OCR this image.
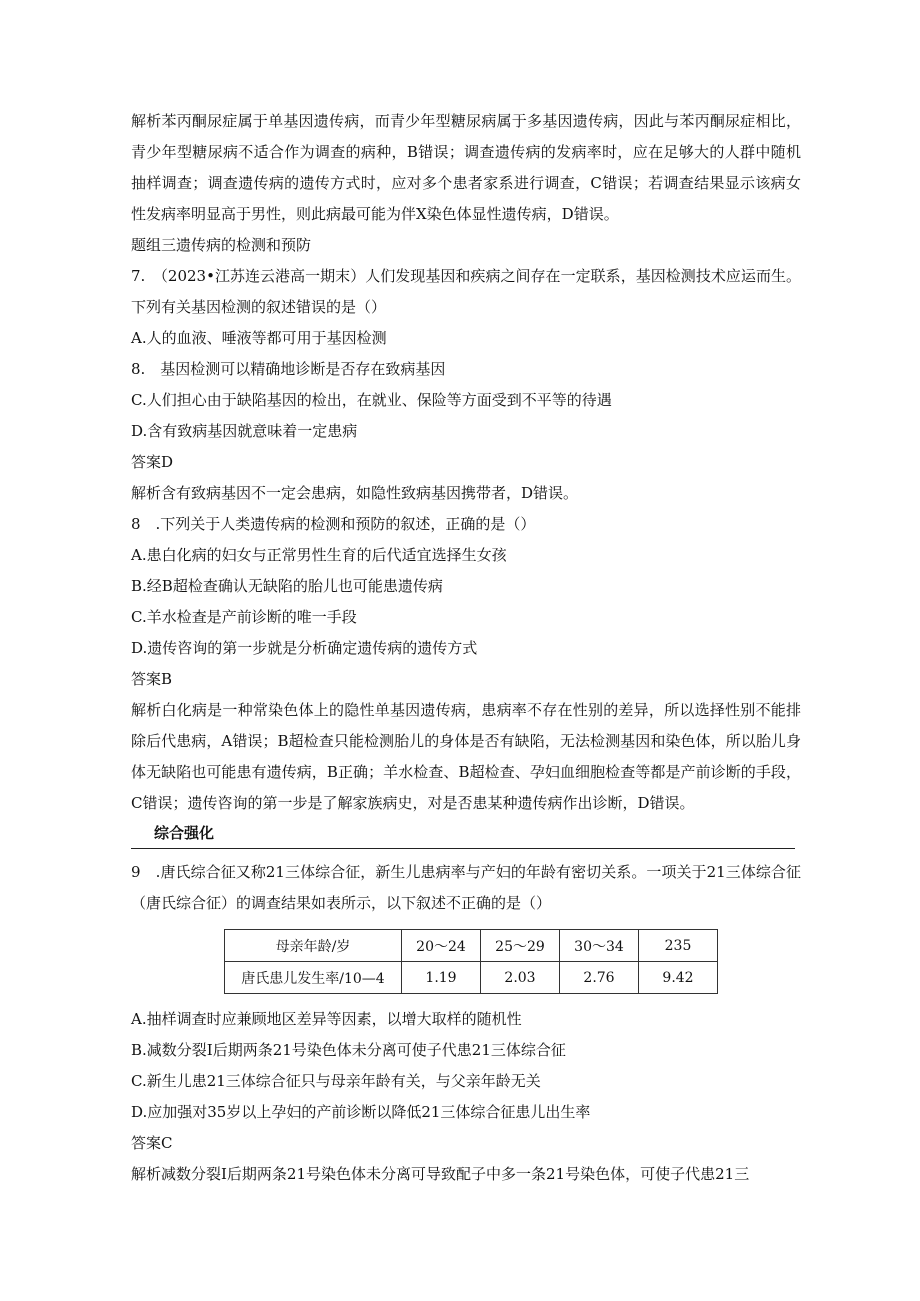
解析苯丙酮尿症属于单基因遗传病，而青少年型糖尿病属于多基因遗传病，因此与苯丙酮尿症相比，青少年型糖尿病不适合作为调查的病种，B错误；调查遗传病的发病率时，应在足够大的人群中随机抽样调查；调查遗传病的遗传方式时，应对多个患者家系进行调查，C错误；若调查结果显示该病女性发病率明显高于男性，则此病最可能为伴X染色体显性遗传病，D错误。

题组三遗传病的检测和预防

7.　（2023•江苏连云港高一期末）人们发现基因和疾病之间存在一定联系，基因检测技术应运而生。下列有关基因检测的叙述错误的是（）

A.人的血液、唾液等都可用于基因检测

8.　基因检测可以精确地诊断是否存在致病基因

C.人们担心由于缺陷基因的检出，在就业、保险等方面受到不平等的待遇

D.含有致病基因就意味着一定患病

答案D

解析含有致病基因不一定会患病，如隐性致病基因携带者，D错误。

8　.下列关于人类遗传病的检测和预防的叙述，正确的是（）

A.患白化病的妇女与正常男性生育的后代适宜选择生女孩

B.经B超检查确认无缺陷的胎儿也可能患遗传病

C.羊水检查是产前诊断的唯一手段

D.遗传咨询的第一步就是分析确定遗传病的遗传方式

答案B

解析白化病是一种常染色体上的隐性单基因遗传病，患病率不存在性别的差异，所以选择性别不能排除后代患病，A错误；B超检查只能检测胎儿的身体是否有缺陷，无法检测基因和染色体，所以胎儿身体无缺陷也可能患有遗传病，B正确；羊水检查、B超检查、孕妇血细胞检查等都是产前诊断的手段，C错误；遗传咨询的第一步是了解家族病史，对是否患某种遗传病作出诊断，D错误。

综合强化

9　.唐氏综合征又称21三体综合征，新生儿患病率与产妇的年龄有密切关系。一项关于21三体综合征（唐氏综合征）的调查结果如表所示，以下叙述不正确的是（）

母亲年龄/岁	20～24	25～29	30～34	235
唐氏患儿发生率/10—4	1.19	2.03	2.76	9.42

A.抽样调查时应兼顾地区差异等因素，以增大取样的随机性

B.减数分裂I后期两条21号染色体未分离可使子代患21三体综合征

C.新生儿患21三体综合征只与母亲年龄有关，与父亲年龄无关

D.应加强对35岁以上孕妇的产前诊断以降低21三体综合征患儿出生率

答案C

解析减数分裂I后期两条21号染色体未分离可导致配子中多一条21号染色体，可使子代患21三
